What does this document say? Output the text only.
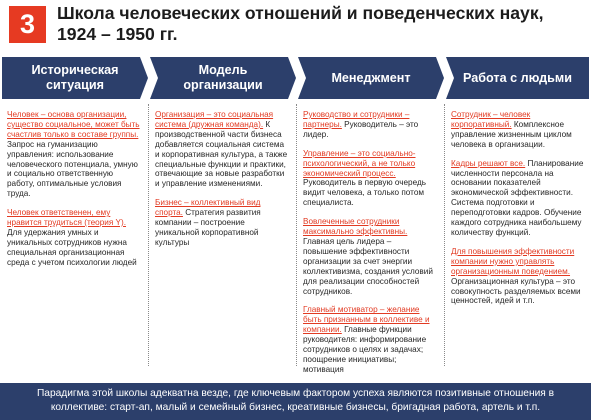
3	Школа человеческих отношений и поведенческих наук, 1924 – 1950 гг.
Историческая ситуация
Модель организации
Менеджмент	Работа с людьми

Человек – основа организации, существо социальное, может быть счастлив только в составе группы. Запрос на гуманизацию управления: использование человеческого потенциала, умную и социально ответственную работу, оптимальные условия труда.

Человек ответственен, ему нравится трудиться (теория Y). Для удержания умных и уникальных сотрудников нужна специальная организационная среда с учетом психологии людей

Организация – это социальная система (дружная команда). К производственной части бизнеса добавляется социальная система и корпоративная культура, а также специальные функции и практики, отвечающие за новые разработки и управление изменениями.

Бизнес – коллективный вид спорта. Стратегия развития компании – построение уникальной корпоративной культуры

Руководство и сотрудники – партнеры. Руководитель – это лидер.

Управление – это социально-психологический, а не только экономический процесс. Руководитель в первую очередь видит человека, а только потом специалиста.

Вовлеченные сотрудники максимально эффективны. Главная цель лидера – повышение эффективности организации за счет энергии коллективизма, создания условий для реализации способностей сотрудников.

Главный мотиватор – желание быть признанным в коллективе и компании. Главные функции руководителя: информирование сотрудников о целях и задачах; поощрение инициативы; мотивация

Сотрудник – человек корпоративный. Комплексное управление жизненным циклом человека в организации.

Кадры решают все. Планирование численности персонала на основании показателей экономической эффективности. Система подготовки и переподготовки кадров. Обучение каждого сотрудника наибольшему количеству функций.

Для повышения эффективности компании нужно управлять организационным поведением. Организационная культура – это совокупность разделяемых всеми ценностей, идей и т.п.

Парадигма этой школы адекватна везде, где ключевым фактором успеха являются позитивные отношения в коллективе: старт-ап, малый и семейный бизнес, креативные бизнесы, бригадная работа, артель и т.п.
